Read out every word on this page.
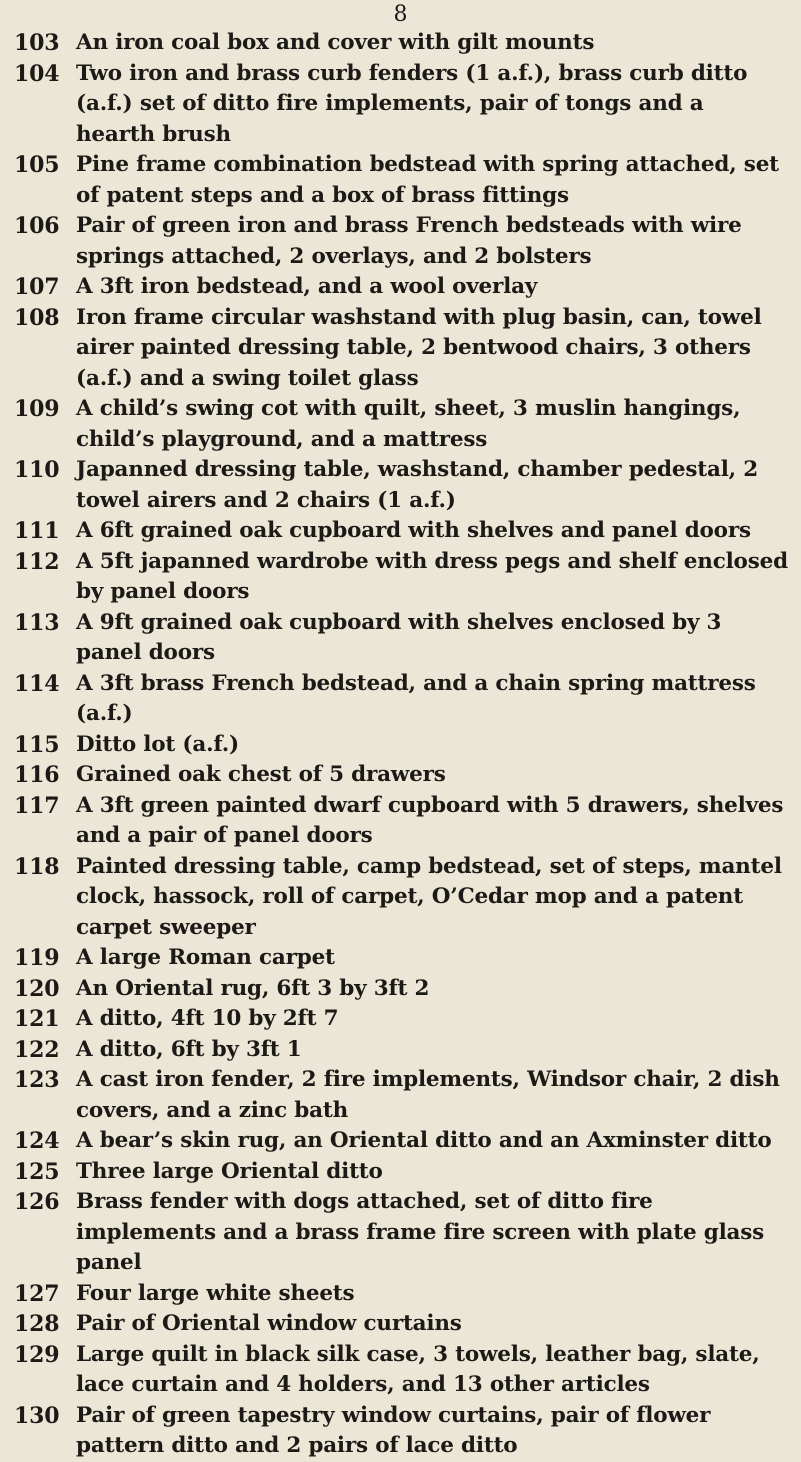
8
103 An iron coal box and cover with gilt mounts
104 Two iron and brass curb fenders (1 a.f.), brass curb ditto (a.f.) set of ditto fire implements, pair of tongs and a hearth brush
105 Pine frame combination bedstead with spring attached, set of patent steps and a box of brass fittings
106 Pair of green iron and brass French bedsteads with wire springs attached, 2 overlays, and 2 bolsters
107 A 3ft iron bedstead, and a wool overlay
108 Iron frame circular washstand with plug basin, can, towel airer painted dressing table, 2 bentwood chairs, 3 others (a.f.) and a swing toilet glass
109 A child’s swing cot with quilt, sheet, 3 muslin hangings, child’s playground, and a mattress
110 Japanned dressing table, washstand, chamber pedestal, 2 towel airers and 2 chairs (1 a.f.)
111 A 6ft grained oak cupboard with shelves and panel doors
112 A 5ft japanned wardrobe with dress pegs and shelf enclosed by panel doors
113 A 9ft grained oak cupboard with shelves enclosed by 3 panel doors
114 A 3ft brass French bedstead, and a chain spring mattress (a.f.)
115 Ditto lot (a.f.)
116 Grained oak chest of 5 drawers
117 A 3ft green painted dwarf cupboard with 5 drawers, shelves and a pair of panel doors
118 Painted dressing table, camp bedstead, set of steps, mantel clock, hassock, roll of carpet, O’Cedar mop and a patent carpet sweeper
119 A large Roman carpet
120 An Oriental rug, 6ft 3 by 3ft 2
121 A ditto, 4ft 10 by 2ft 7
122 A ditto, 6ft by 3ft 1
123 A cast iron fender, 2 fire implements, Windsor chair, 2 dish covers, and a zinc bath
124 A bear’s skin rug, an Oriental ditto and an Axminster ditto
125 Three large Oriental ditto
126 Brass fender with dogs attached, set of ditto fire implements and a brass frame fire screen with plate glass panel
127 Four large white sheets
128 Pair of Oriental window curtains
129 Large quilt in black silk case, 3 towels, leather bag, slate, lace curtain and 4 holders, and 13 other articles
130 Pair of green tapestry window curtains, pair of flower pattern ditto and 2 pairs of lace ditto
